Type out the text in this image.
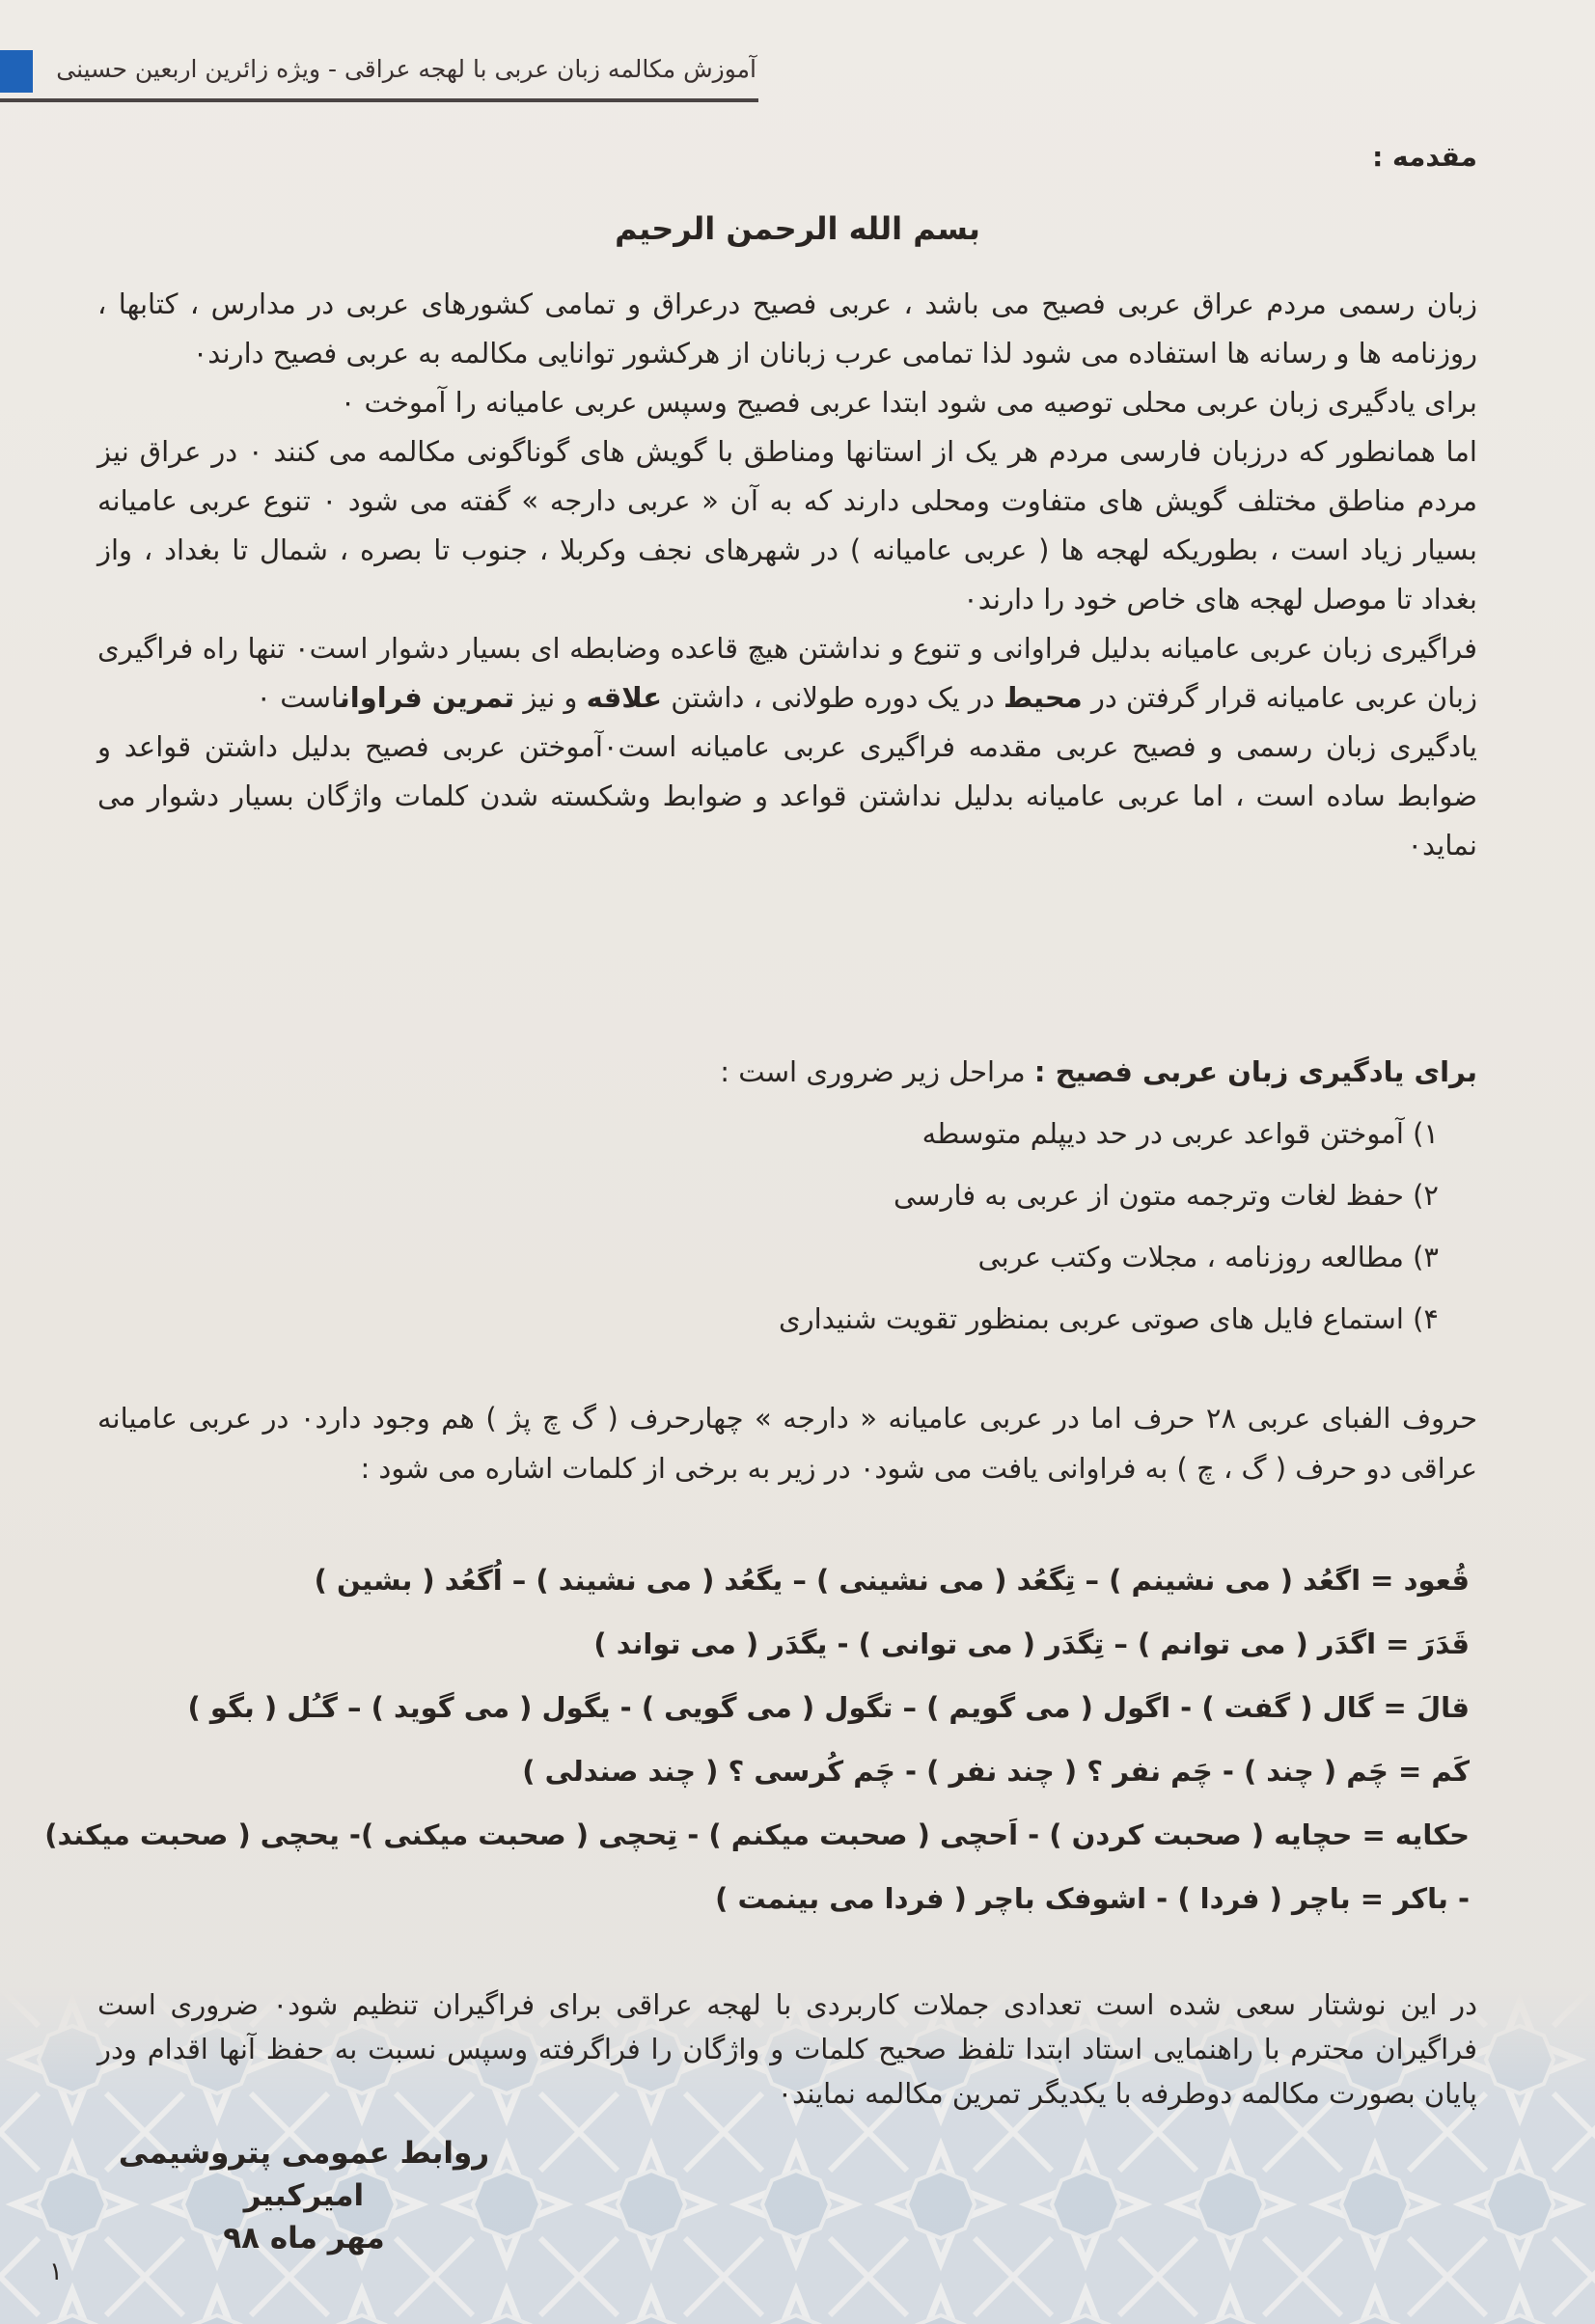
آموزش مکالمه زبان عربی با لهجه عراقی - ویژه زائرین اربعین حسینی
مقدمه :
بسم الله الرحمن الرحیم

زبان رسمی مردم عراق عربی فصیح می باشد ، عربی فصیح درعراق و تمامی کشورهای عربی در مدارس ، کتابها ، روزنامه ها و رسانه ها استفاده می شود لذا تمامی عرب زبانان از هرکشور توانایی مکالمه به عربی فصیح دارند۰

برای یادگیری زبان عربی محلی توصیه می شود ابتدا عربی فصیح وسپس عربی عامیانه را آموخت ۰

اما همانطور که درزبان فارسی مردم هر یک از استانها ومناطق با گویش های گوناگونی مکالمه می کنند ۰ در عراق نیز مردم مناطق مختلف گویش های متفاوت ومحلی دارند که به آن « عربی دارجه » گفته می شود ۰ تنوع عربی عامیانه بسیار زیاد است ، بطوریکه لهجه ها ( عربی عامیانه ) در شهرهای نجف وکربلا ، جنوب تا بصره ، شمال تا بغداد ، واز بغداد تا موصل لهجه های خاص خود را دارند۰

فراگیری زبان عربی عامیانه بدلیل فراوانی و تنوع و نداشتن هیچ قاعده وضابطه ای بسیار دشوار است۰ تنها راه فراگیری زبان عربی عامیانه قرار گرفتن در محیط در یک دوره طولانی ، داشتن علاقه و نیز تمرین فراواناست ۰

یادگیری زبان رسمی و فصیح عربی مقدمه فراگیری عربی عامیانه است۰آموختن عربی فصیح بدلیل داشتن قواعد و ضوابط ساده است ، اما عربی عامیانه بدلیل نداشتن قواعد و ضوابط وشکسته شدن کلمات واژگان بسیار دشوار می نماید۰

برای یادگیری زبان عربی فصیح : مراحل زیر ضروری است :
۱) آموختن قواعد عربی در حد دیپلم متوسطه
۲) حفظ لغات وترجمه متون از عربی به فارسی
۳) مطالعه روزنامه ، مجلات وکتب عربی
۴) استماع فایل های صوتی عربی بمنظور تقویت شنیداری

حروف الفبای عربی ۲۸ حرف اما در عربی عامیانه « دارجه » چهارحرف ( گ چ پژ ) هم وجود دارد۰ در عربی عامیانه عراقی دو حرف ( گ ، چ ) به فراوانی یافت می شود۰ در زیر به برخی از کلمات اشاره می شود :

قُعود = اگعُد ( می نشینم ) – تِگعُد ( می نشینی ) – یگعُد ( می نشیند ) – اُگعُد ( بشین )
قَدَرَ = اگدَر ( می توانم ) – تِگدَر ( می توانی ) - یگدَر ( می تواند )
قالَ = گال ( گفت ) - اگول ( می گویم ) – تگول ( می گویی ) - یگول ( می گوید ) – گـُل ( بگو )
کَم = چَم ( چند ) - چَم نفر ؟ ( چند نفر ) - چَم کُرسی ؟ ( چند صندلی )
حکایه = حچایه ( صحبت کردن ) - اَحچی ( صحبت میکنم ) - تِحچی ( صحبت میکنی )- یحچی ( صحبت میکند)
- باکر = باچر ( فردا ) - اشوفک باچر ( فردا می بینمت )

در این نوشتار سعی شده است تعدادی جملات کاربردی با لهجه عراقی برای فراگیران تنظیم شود۰ ضروری است فراگیران محترم با راهنمایی استاد ابتدا تلفظ صحیح کلمات و واژگان را فراگرفته وسپس نسبت به حفظ آنها اقدام ودر پایان بصورت مکالمه دوطرفه با یکدیگر تمرین مکالمه نمایند۰

روابط عمومی پتروشیمی امیرکبیر
مهر ماه ۹۸
۱
